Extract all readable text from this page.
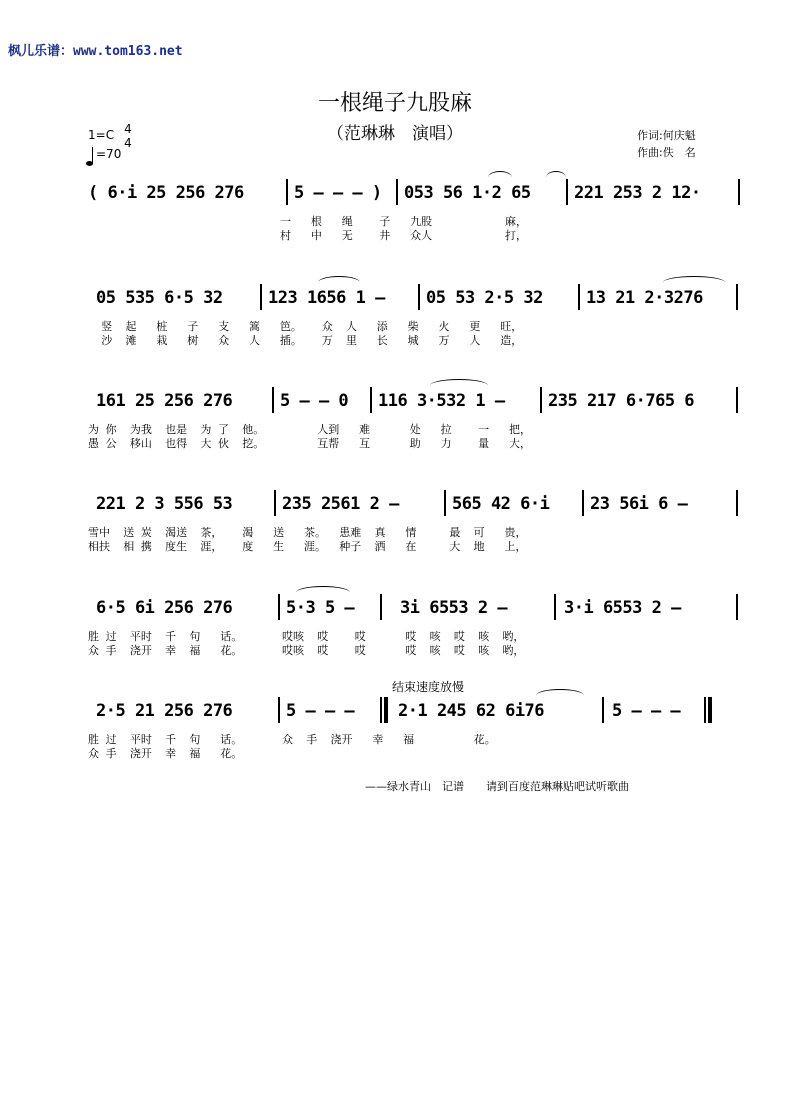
枫儿乐谱：www.tom163.net
一根绳子九股麻
（范琳琳　演唱）
1=C 4
4
=70
作词:何庆魁
作曲:佚　名
( 6·i 25 256 276	5 – – – ) 053 56 1·2 65	221 253 2 12·
一   根   绳    子   九股           麻，
村   中   无    井   众人           打，
05 535 6·5 32	123 1656 1 – 05 53 2·5 32	13 21 2·3276
竖  起   桩   子   支   篙   笆。   众  人   添   柴   火   更   旺，
沙  滩   栽   树   众   人   插。   万  里   长   城   万   人   造，
161 25 256 276	5 – – 0 116 3·532 1 –	235 217 6·765 6
为 你  为我  也是  为 了  他。        人到   难      处   拉    一   把，
愚 公  移山  也得  大 伙  挖。        互帮   互      助   力    量   大，
221 2 3 556 53	235 2561 2 –	565 42 6·i 23 56i 6 –
雪中  送 炭  渴送  茶，   渴   送   茶。  患难  真   情     最  可   贵，
相扶  相 携  度生  涯，   度   生   涯。  种子  洒   在     大  地   上，
6·5 6i 256 276	5·3 5 –	3i 6553 2 –	3·i 6553 2 –
胜 过  平时  千  句   话。      哎咳  哎    哎      哎  咳  哎  咳  哟，
众 手  浇开  幸  福   花。      哎咳  哎    哎      哎  咳  哎  咳  哟，
结束速度放慢
2·5 21 256 276	5 – – –	2·1 245 62 6i76	5 – – –
胜 过  平时  千  句   话。      众  手  浇开   幸   福         花。
众 手  浇开  幸  福   花。
——绿水青山　记谱　　请到百度范琳琳贴吧试听歌曲
